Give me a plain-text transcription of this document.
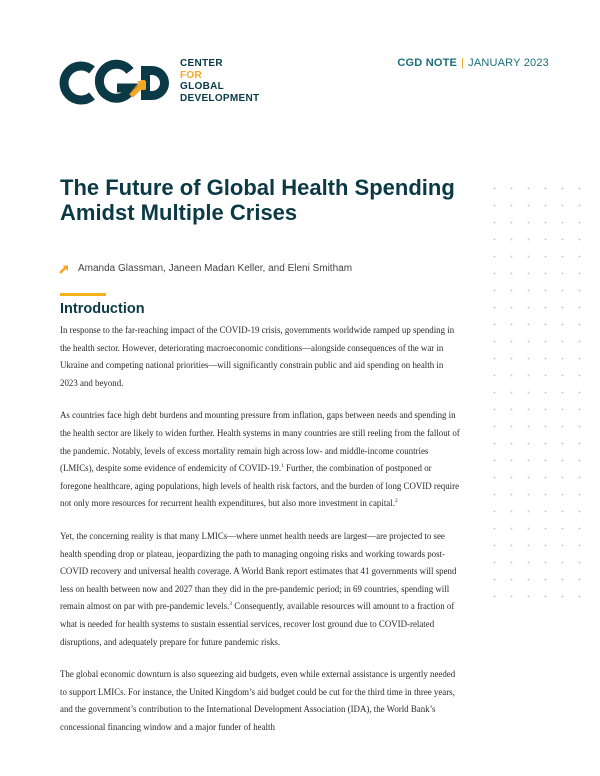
CENTER
FOR
GLOBAL
DEVELOPMENT
CGD NOTE | JANUARY 2023
The Future of Global Health Spending Amidst Multiple Crises
Amanda Glassman, Janeen Madan Keller, and Eleni Smitham
Introduction

In response to the far-reaching impact of the COVID-19 crisis, governments worldwide ramped up spending in the health sector. However, deteriorating macroeconomic conditions—alongside consequences of the war in Ukraine and competing national priorities—will significantly constrain public and aid spending on health in 2023 and beyond.

As countries face high debt burdens and mounting pressure from inflation, gaps between needs and spending in the health sector are likely to widen further. Health systems in many countries are still reeling from the fallout of the pandemic. Notably, levels of excess mortality remain high across low- and middle-income countries (LMICs), despite some evidence of endemicity of COVID-19.$^1$ Further, the combination of postponed or foregone healthcare, aging populations, high levels of health risk factors, and the burden of long COVID require not only more resources for recurrent health expenditures, but also more investment in capital.$^2$

Yet, the concerning reality is that many LMICs—where unmet health needs are largest—are projected to see health spending drop or plateau, jeopardizing the path to managing ongoing risks and working towards post-COVID recovery and universal health coverage. A World Bank report estimates that 41 governments will spend less on health between now and 2027 than they did in the pre-pandemic period; in 69 countries, spending will remain almost on par with pre-pandemic levels.$^3$ Consequently, available resources will amount to a fraction of what is needed for health systems to sustain essential services, recover lost ground due to COVID-related disruptions, and adequately prepare for future pandemic risks.

The global economic downturn is also squeezing aid budgets, even while external assistance is urgently needed to support LMICs. For instance, the United Kingdom’s aid budget could be cut for the third time in three years, and the government’s contribution to the International Development Association (IDA), the World Bank’s concessional financing window and a major funder of health
